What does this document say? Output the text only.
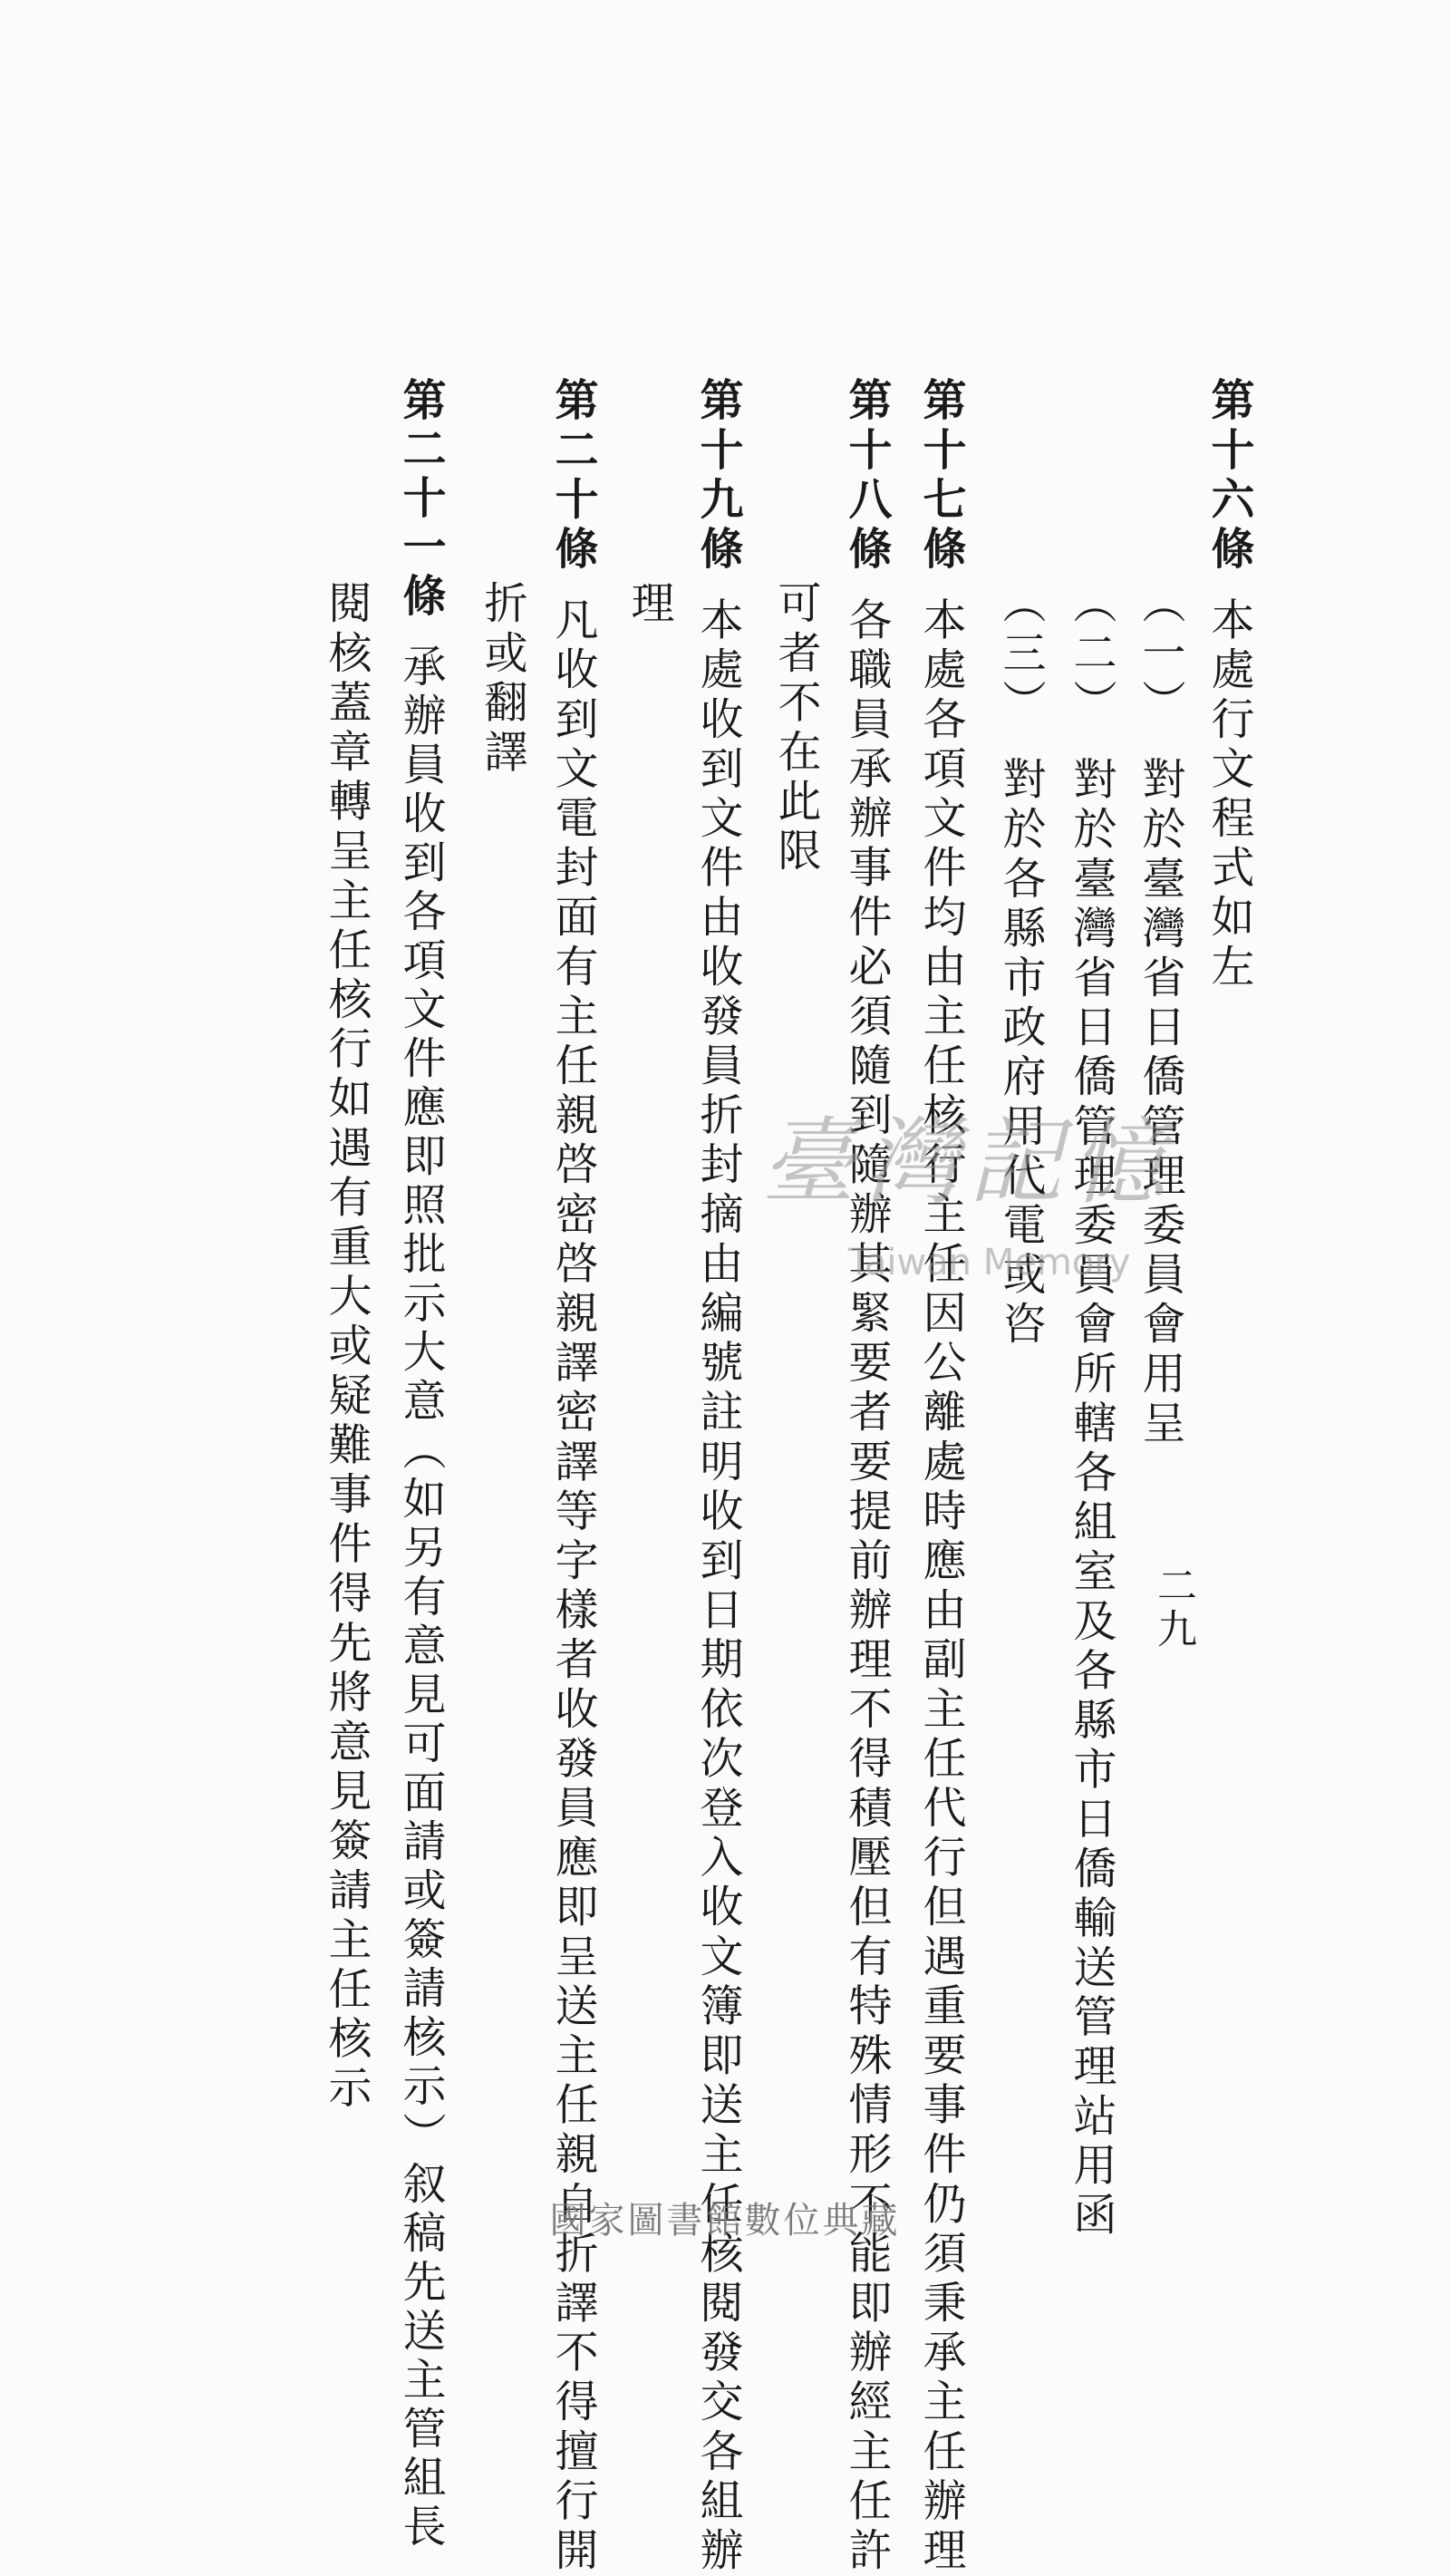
第十六條本處行文程式如左
（一）　對於臺灣省日僑管理委員會用呈
（二）　對於臺灣省日僑管理委員會所轄各組室及各縣市日僑輸送管理站用函
（三）　對於各縣市政府用代電或咨
第十七條本處各項文件均由主任核行主任因公離處時應由副主任代行但遇重要事件仍須秉承主任辦理
第十八條各職員承辦事件必須隨到隨辦其緊要者要提前辦理不得積壓但有特殊情形不能即辦經主任許
可者不在此限
第十九條本處收到文件由收發員折封摘由編號註明收到日期依次登入收文簿即送主任核閱發交各組辦
理
第二十條凡收到文電封面有主任親啓密啓親譯密譯等字樣者收發員應即呈送主任親自折譯不得擅行開
折或翻譯
第二十一條承辦員收到各項文件應即照批示大意（如另有意見可面請或簽請核示）叙稿先送主管組長
閱核蓋章轉呈主任核行如遇有重大或疑難事件得先將意見簽請主任核示	二九
臺灣記憶
Taiwan Memory
國家圖書館數位典藏
